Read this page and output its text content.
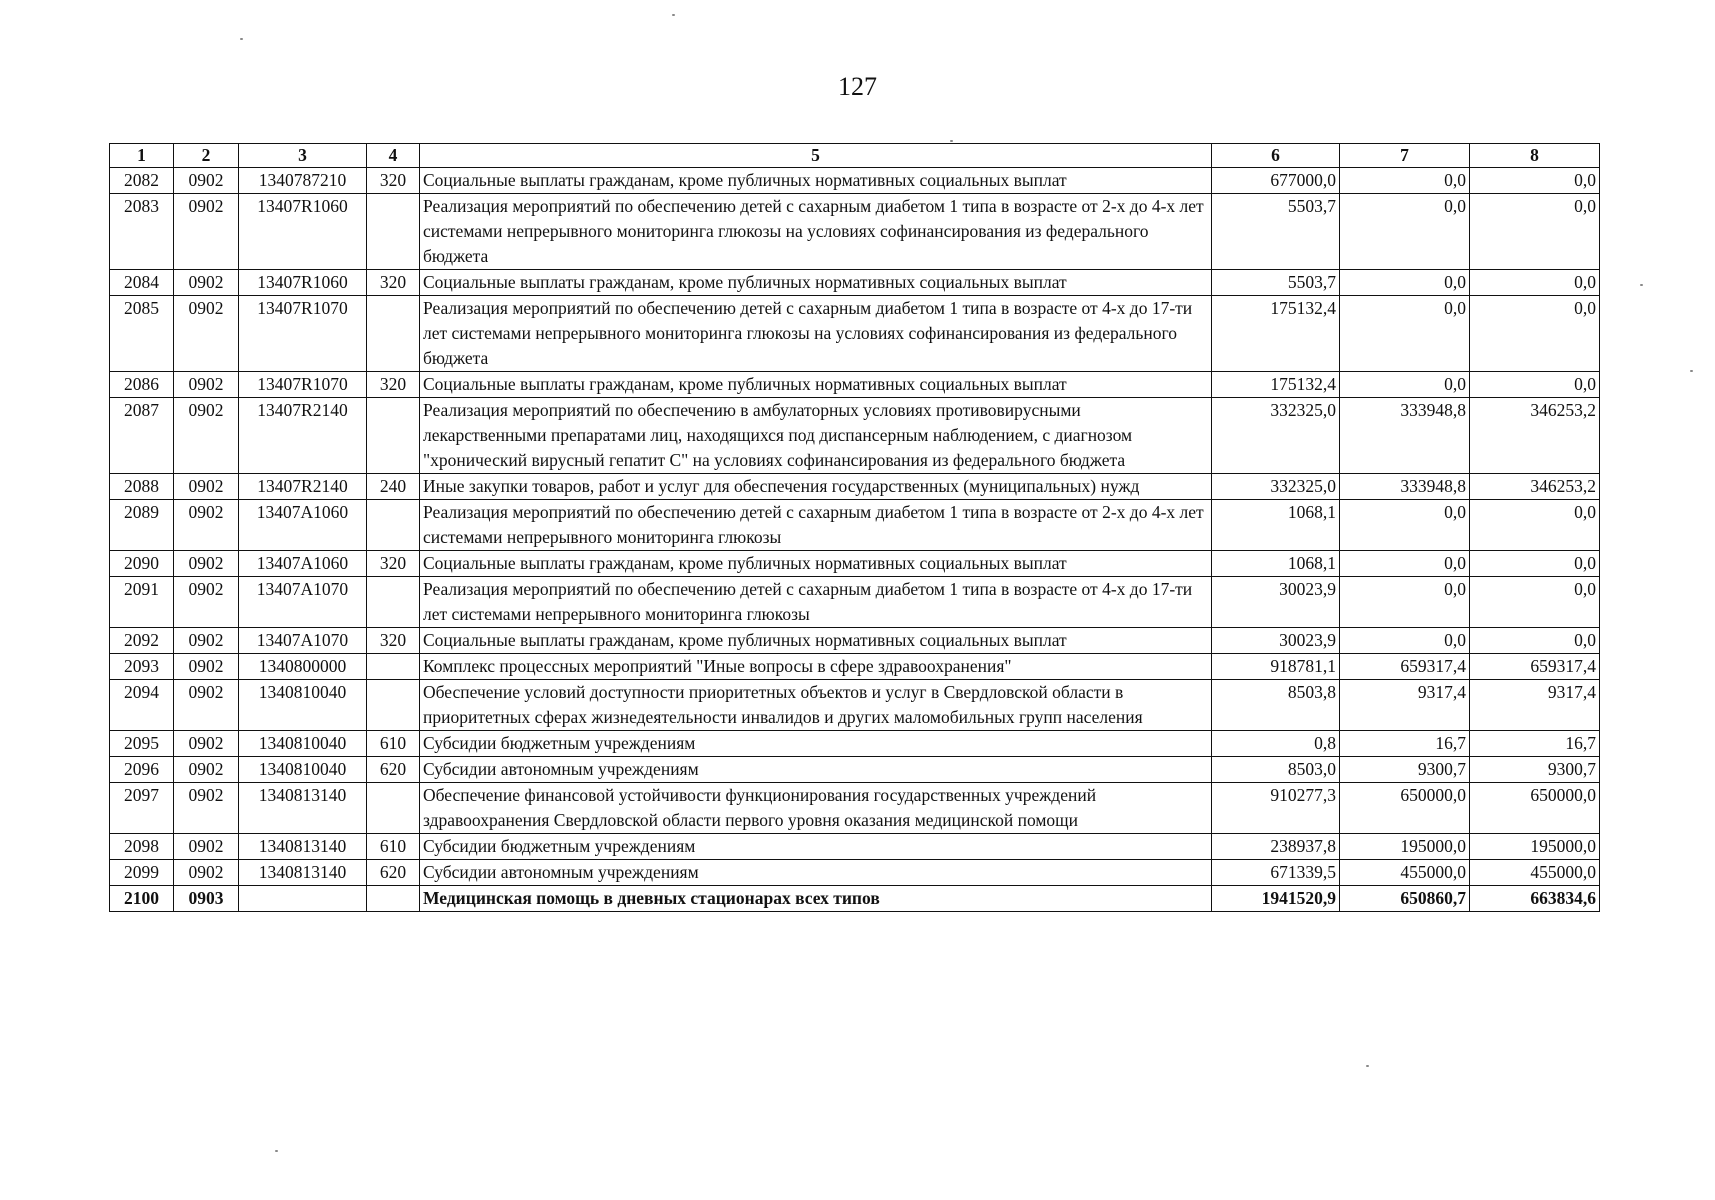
127
1	2	3	4	5	6	7	8
2082	0902	1340787210	320	Социальные выплаты гражданам, кроме публичных нормативных социальных выплат	677000,0	0,0	0,0
2083	0902	13407R1060		Реализация мероприятий по обеспечению детей с сахарным диабетом 1 типа в возрасте от 2-х до 4-х лет системами непрерывного мониторинга глюкозы на условиях софинансирования из федерального бюджета	5503,7	0,0	0,0
2084	0902	13407R1060	320	Социальные выплаты гражданам, кроме публичных нормативных социальных выплат	5503,7	0,0	0,0
2085	0902	13407R1070		Реализация мероприятий по обеспечению детей с сахарным диабетом 1 типа в возрасте от 4-х до 17-ти лет системами непрерывного мониторинга глюкозы на условиях софинансирования из федерального бюджета	175132,4	0,0	0,0
2086	0902	13407R1070	320	Социальные выплаты гражданам, кроме публичных нормативных социальных выплат	175132,4	0,0	0,0
2087	0902	13407R2140		Реализация мероприятий по обеспечению в амбулаторных условиях противовирусными лекарственными препаратами лиц, находящихся под диспансерным наблюдением, с диагнозом "хронический вирусный гепатит С" на условиях софинансирования из федерального бюджета	332325,0	333948,8	346253,2
2088	0902	13407R2140	240	Иные закупки товаров, работ и услуг для обеспечения государственных (муниципальных) нужд	332325,0	333948,8	346253,2
2089	0902	13407A1060		Реализация мероприятий по обеспечению детей с сахарным диабетом 1 типа в возрасте от 2-х до 4-х лет системами непрерывного мониторинга глюкозы	1068,1	0,0	0,0
2090	0902	13407A1060	320	Социальные выплаты гражданам, кроме публичных нормативных социальных выплат	1068,1	0,0	0,0
2091	0902	13407A1070		Реализация мероприятий по обеспечению детей с сахарным диабетом 1 типа в возрасте от 4-х до 17-ти лет системами непрерывного мониторинга глюкозы	30023,9	0,0	0,0
2092	0902	13407A1070	320	Социальные выплаты гражданам, кроме публичных нормативных социальных выплат	30023,9	0,0	0,0
2093	0902	1340800000		Комплекс процессных мероприятий "Иные вопросы в сфере здравоохранения"	918781,1	659317,4	659317,4
2094	0902	1340810040		Обеспечение условий доступности приоритетных объектов и услуг в Свердловской области в приоритетных сферах жизнедеятельности инвалидов и других маломобильных групп населения	8503,8	9317,4	9317,4
2095	0902	1340810040	610	Субсидии бюджетным учреждениям	0,8	16,7	16,7
2096	0902	1340810040	620	Субсидии автономным учреждениям	8503,0	9300,7	9300,7
2097	0902	1340813140		Обеспечение финансовой устойчивости функционирования государственных учреждений здравоохранения Свердловской области первого уровня оказания медицинской помощи	910277,3	650000,0	650000,0
2098	0902	1340813140	610	Субсидии бюджетным учреждениям	238937,8	195000,0	195000,0
2099	0902	1340813140	620	Субсидии автономным учреждениям	671339,5	455000,0	455000,0
2100	0903			Медицинская помощь в дневных стационарах всех типов	1941520,9	650860,7	663834,6
